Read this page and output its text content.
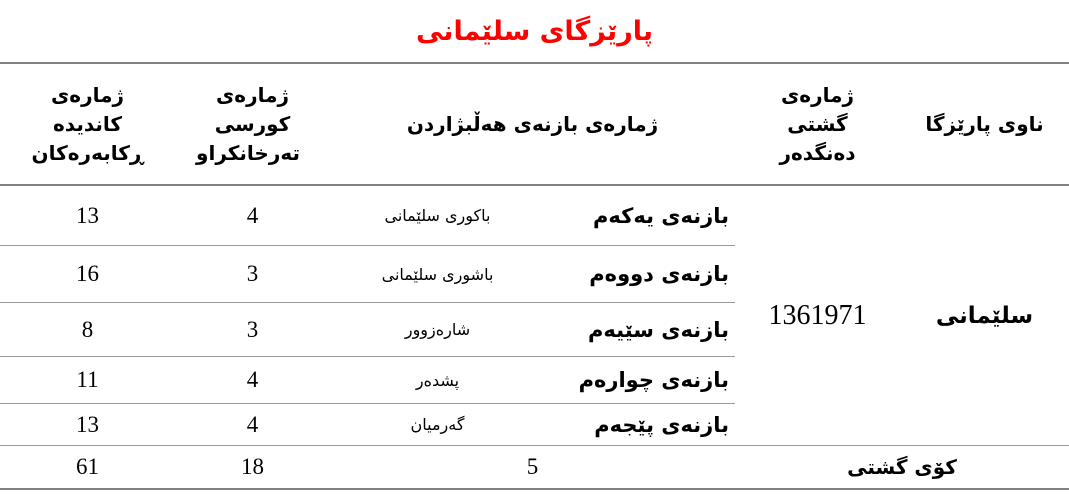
پارێزگای سلێمانی
ناوی پارێزگا	ژمارەی گشتی دەنگدەر	ژمارەی بازنەی هەڵبژاردن		ژمارەی کورسی تەرخانکراو	ژمارەی کاندیدە ڕکابەرەکان
سلێمانی	1361971	بازنەی یەکەم	باکوری سلێمانی	4	13
		بازنەی دووەم	باشوری سلێمانی	3	16
		بازنەی سێیەم	شارەزوور	3	8
		بازنەی چوارەم	پشدەر	4	11
		بازنەی پێجەم	گەرمیان	4	13
کۆی گشتی		5		18	61
